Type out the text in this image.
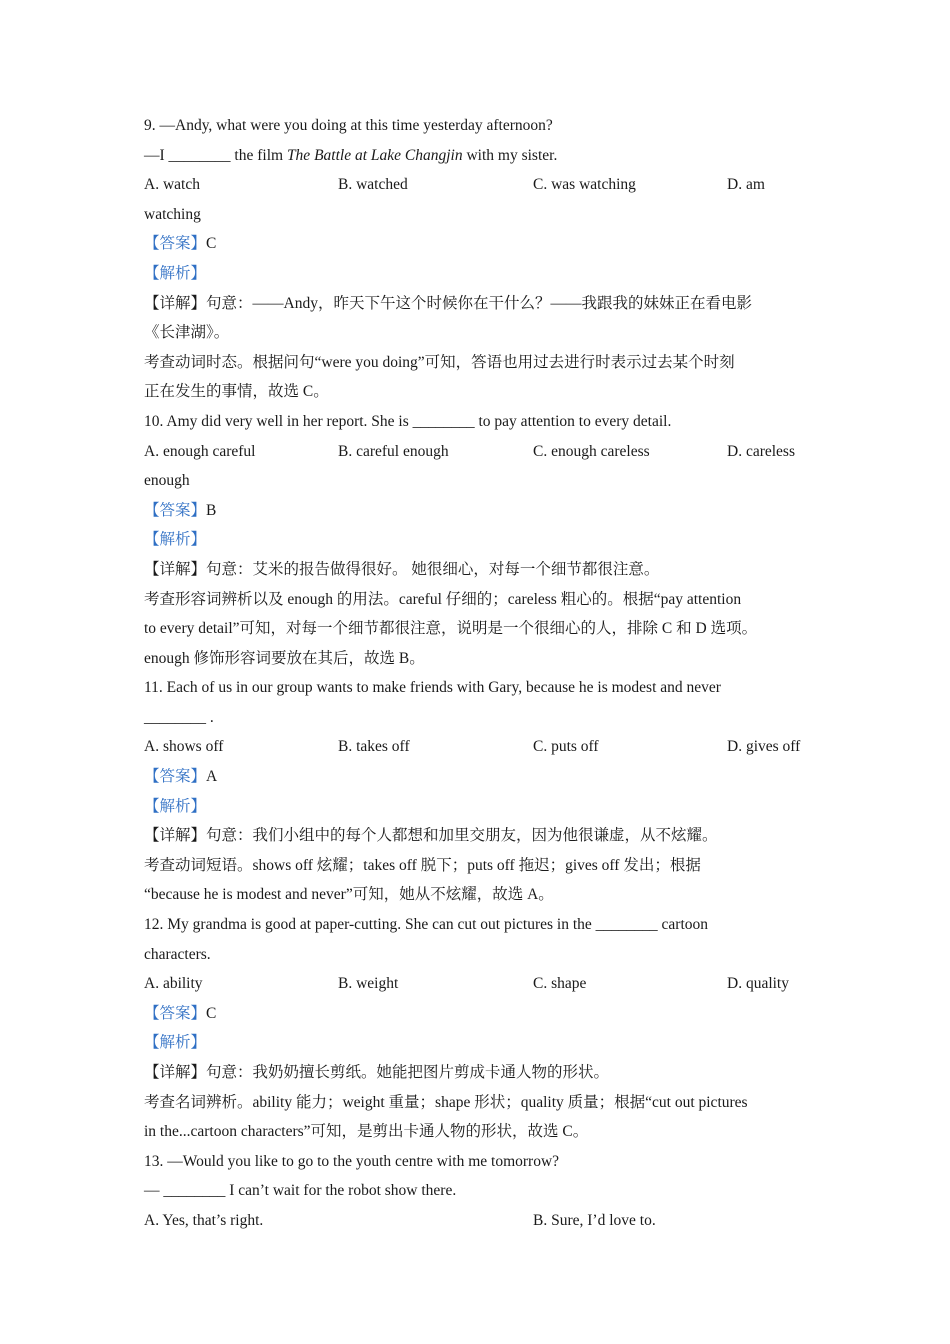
9. —Andy, what were you doing at this time yesterday afternoon?
—I ________ the film The Battle at Lake Changjin with my sister.
A. watch	B. watched	C. was watching	D. am
watching
【答案】C
【解析】
【详解】句意：——Andy，昨天下午这个时候你在干什么？——我跟我的妹妹正在看电影
《长津湖》。
考查动词时态。根据问句“were you doing”可知，答语也用过去进行时表示过去某个时刻
正在发生的事情，故选 C。
10. Amy did very well in her report. She is ________ to pay attention to every detail.
A. enough careful	B. careful enough	C. enough careless	D. careless
enough
【答案】B
【解析】
【详解】句意：艾米的报告做得很好。 她很细心，对每一个细节都很注意。
考查形容词辨析以及 enough 的用法。careful 仔细的；careless 粗心的。根据“pay attention
to every detail”可知，对每一个细节都很注意，说明是一个很细心的人，排除 C 和 D 选项。
enough 修饰形容词要放在其后，故选 B。
11. Each of us in our group wants to make friends with Gary, because he is modest and never
________ .
A. shows off	B. takes off	C. puts off	D. gives off
【答案】A
【解析】
【详解】句意：我们小组中的每个人都想和加里交朋友，因为他很谦虚，从不炫耀。
考查动词短语。shows off 炫耀；takes off 脱下；puts off 拖迟；gives off 发出；根据
“because he is modest and never”可知，她从不炫耀，故选 A。
12. My grandma is good at paper-cutting. She can cut out pictures in the ________ cartoon
characters.
A. ability	B. weight	C. shape	D. quality
【答案】C
【解析】
【详解】句意：我奶奶擅长剪纸。她能把图片剪成卡通人物的形状。
考查名词辨析。ability 能力；weight 重量；shape 形状；quality 质量；根据“cut out pictures
in the...cartoon characters”可知，是剪出卡通人物的形状，故选 C。
13. —Would you like to go to the youth centre with me tomorrow?
— ________ I can’t wait for the robot show there.
A. Yes, that’s right.	B. Sure, I’d love to.
